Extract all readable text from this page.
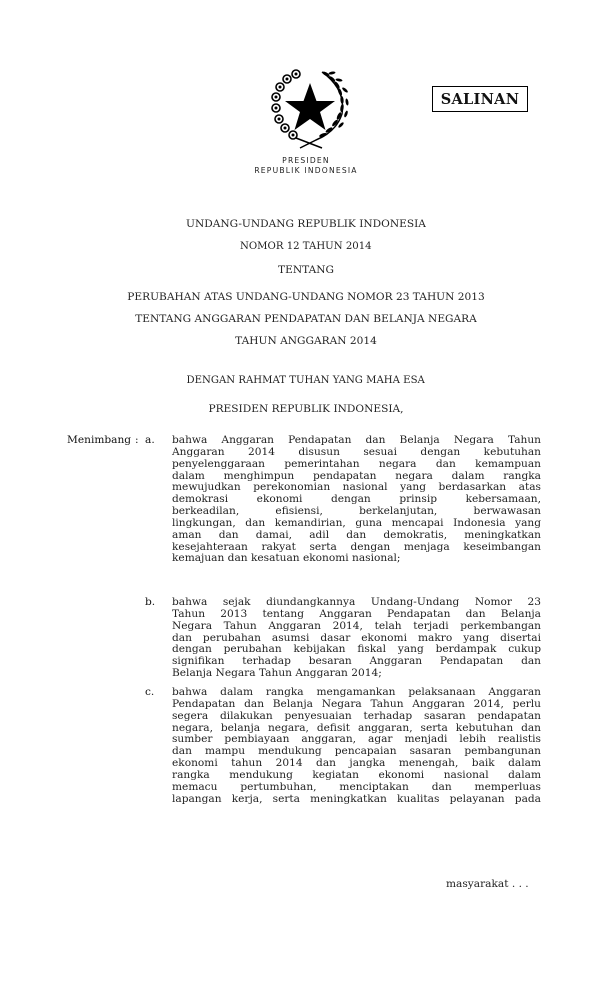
PRESIDEN
REPUBLIK INDONESIA
SALINAN
UNDANG-UNDANG REPUBLIK INDONESIA
NOMOR 12 TAHUN 2014
TENTANG
PERUBAHAN ATAS UNDANG-UNDANG NOMOR 23 TAHUN 2013
TENTANG ANGGARAN PENDAPATAN DAN BELANJA NEGARA
TAHUN ANGGARAN 2014
DENGAN RAHMAT TUHAN YANG MAHA ESA
PRESIDEN REPUBLIK INDONESIA,
Menimbang : a. bahwa Anggaran Pendapatan dan Belanja Negara Tahun
Anggaran 2014 disusun sesuai dengan kebutuhan
penyelenggaraan pemerintahan negara dan kemampuan
dalam menghimpun pendapatan negara dalam rangka
mewujudkan perekonomian nasional yang berdasarkan atas
demokrasi ekonomi dengan prinsip kebersamaan,
berkeadilan, efisiensi, berkelanjutan, berwawasan
lingkungan, dan kemandirian, guna mencapai Indonesia yang
aman dan damai, adil dan demokratis, meningkatkan
kesejahteraan rakyat serta dengan menjaga keseimbangan
kemajuan dan kesatuan ekonomi nasional;
b. bahwa sejak diundangkannya Undang-Undang Nomor 23
Tahun 2013 tentang Anggaran Pendapatan dan Belanja
Negara Tahun Anggaran 2014, telah terjadi perkembangan
dan perubahan asumsi dasar ekonomi makro yang disertai
dengan perubahan kebijakan fiskal yang berdampak cukup
signifikan terhadap besaran Anggaran Pendapatan dan
Belanja Negara Tahun Anggaran 2014;
c. bahwa dalam rangka mengamankan pelaksanaan Anggaran
Pendapatan dan Belanja Negara Tahun Anggaran 2014, perlu
segera dilakukan penyesuaian terhadap sasaran pendapatan
negara, belanja negara, defisit anggaran, serta kebutuhan dan
sumber pembiayaan anggaran, agar menjadi lebih realistis
dan mampu mendukung pencapaian sasaran pembangunan
ekonomi tahun 2014 dan jangka menengah, baik dalam
rangka mendukung kegiatan ekonomi nasional dalam
memacu pertumbuhan, menciptakan dan memperluas
lapangan kerja, serta meningkatkan kualitas pelayanan pada
masyarakat . . .
